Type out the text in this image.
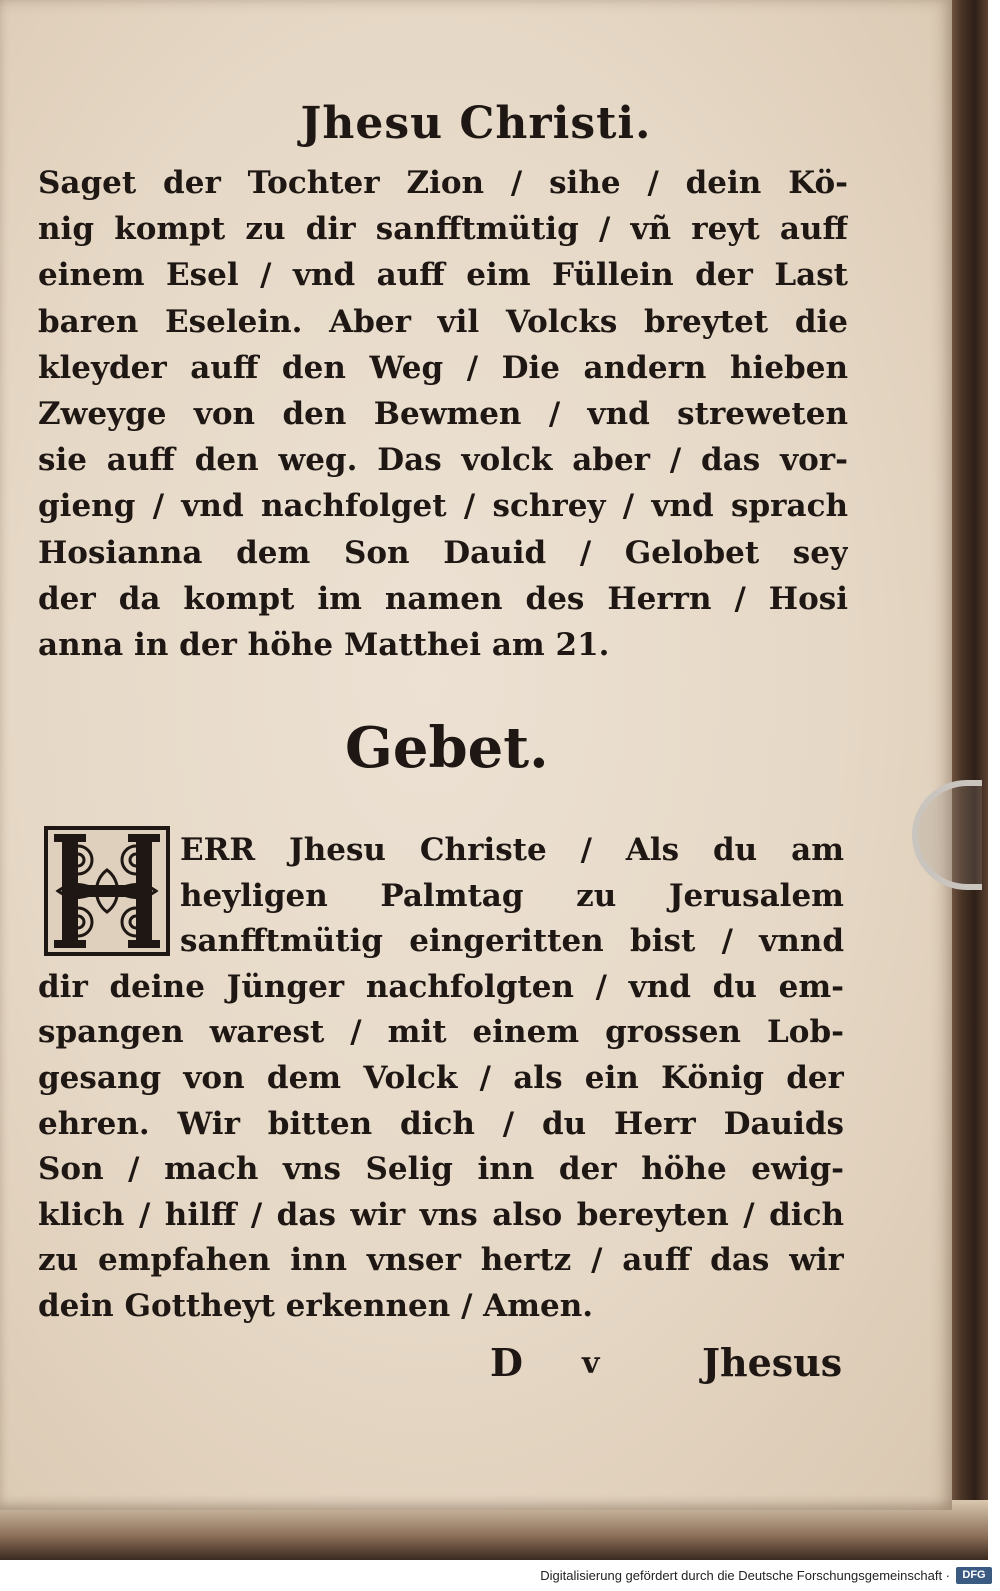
Jhesu Christi.
Saget der Tochter Zion / sihe / dein Kö-
nig kompt zu dir sanfftmütig / vñ reyt auff
einem Esel / vnd auff eim Füllein der Last
baren Eselein. Aber vil Volcks breytet die
kleyder auff den Weg / Die andern hieben
Zweyge von den Bewmen / vnd streweten
sie auff den weg. Das volck aber / das vor-
gieng / vnd nachfolget / schrey / vnd sprach
Hosianna dem Son Dauid / Gelobet sey
der da kompt im namen des Herrn / Hosi
anna in der höhe Matthei am 21.
Gebet.
ERR Jhesu Christe / Als du am
heyligen Palmtag zu Jerusalem
sanfftmütig eingeritten bist / vnnd
dir deine Jünger nachfolgten / vnd du em-
spangen warest / mit einem grossen Lob-
gesang von dem Volck / als ein König der
ehren. Wir bitten dich / du Herr Dauids
Son / mach vns Selig inn der höhe ewig-
klich / hilff / das wir vns also bereyten / dich
zu empfahen inn vnser hertz / auff das wir
dein Gottheyt erkennen / Amen.
D v	Jhesus

Digitalisierung gefördert durch die Deutsche Forschungsgemeinschaft ·	DFG
